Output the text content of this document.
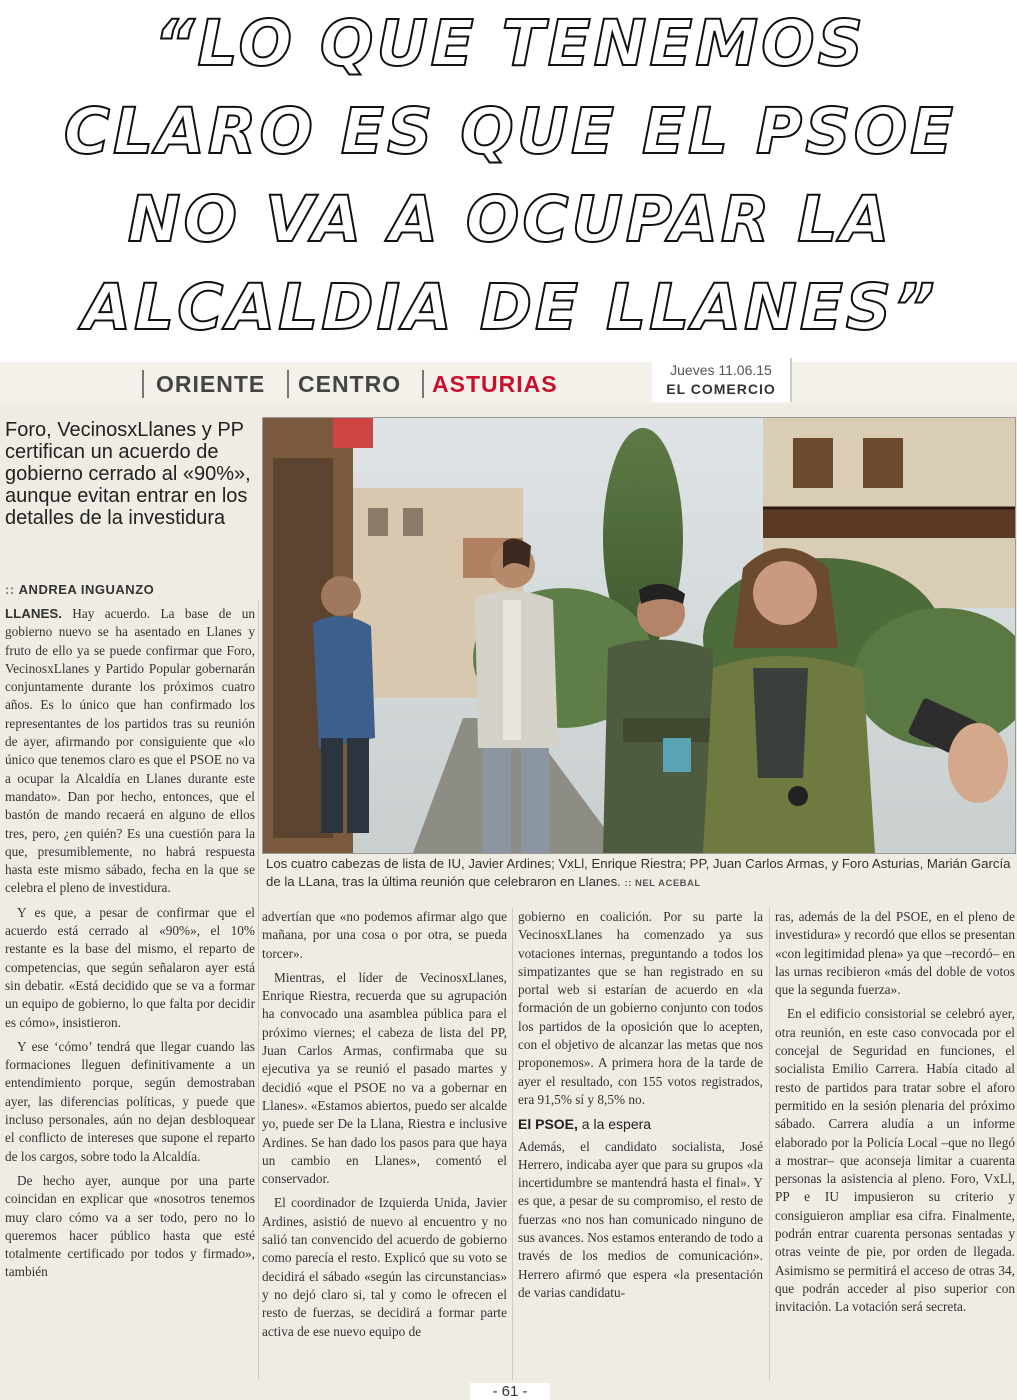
“LO QUE TENEMOS
CLARO ES QUE EL PSOE
NO VA A OCUPAR LA
ALCALDIA DE LLANES”
ORIENTE CENTRO ASTURIAS
Jueves 11.06.15
EL COMERCIO
Foro, VecinosxLlanes y PP certifican un acuerdo de gobierno cerrado al «90%», aunque evitan entrar en los detalles de la investidura
:: ANDREA INGUANZO
Los cuatro cabezas de lista de IU, Javier Ardines; VxLl, Enrique Riestra; PP, Juan Carlos Armas, y Foro Asturias, Marián García de la LLana, tras la última reunión que celebraron en Llanes. :: NEL ACEBAL

LLANES. Hay acuerdo. La base de un gobierno nuevo se ha asentado en Llanes y fruto de ello ya se puede confirmar que Foro, VecinosxLlanes y Partido Popular gobernarán conjuntamente durante los próximos cuatro años. Es lo único que han confirmado los representantes de los partidos tras su reunión de ayer, afirmando por consiguiente que «lo único que tenemos claro es que el PSOE no va a ocupar la Alcaldía en Llanes durante este mandato». Dan por hecho, entonces, que el bastón de mando recaerá en alguno de ellos tres, pero, ¿en quién? Es una cuestión para la que, presumiblemente, no habrá respuesta hasta este mismo sábado, fecha en la que se celebra el pleno de investidura.

Y es que, a pesar de confirmar que el acuerdo está cerrado al «90%», el 10% restante es la base del mismo, el reparto de competencias, que según señalaron ayer está sin debatir. «Está decidido que se va a formar un equipo de gobierno, lo que falta por decidir es cómo», insistieron.

Y ese ‘cómo’ tendrá que llegar cuando las formaciones lleguen definitivamente a un entendimiento porque, según demostraban ayer, las diferencias políticas, y puede que incluso personales, aún no dejan desbloquear el conflicto de intereses que supone el reparto de los cargos, sobre todo la Alcaldía.

De hecho ayer, aunque por una parte coincidan en explicar que «nosotros tenemos muy claro cómo va a ser todo, pero no lo queremos hacer público hasta que esté totalmente certificado por todos y firmado», también

advertían que «no podemos afirmar algo que mañana, por una cosa o por otra, se pueda torcer».

Mientras, el líder de VecinosxLlanes, Enrique Riestra, recuerda que su agrupación ha convocado una asamblea pública para el próximo viernes; el cabeza de lista del PP, Juan Carlos Armas, confirmaba que su ejecutiva ya se reunió el pasado martes y decidió «que el PSOE no va a gobernar en Llanes». «Estamos abiertos, puedo ser alcalde yo, puede ser De la Llana, Riestra e inclusive Ardines. Se han dado los pasos para que haya un cambio en Llanes», comentó el conservador.

El coordinador de Izquierda Unida, Javier Ardines, asistió de nuevo al encuentro y no salió tan convencido del acuerdo de gobierno como parecía el resto. Explicó que su voto se decidirá el sábado «según las circunstancias» y no dejó claro si, tal y como le ofrecen el resto de fuerzas, se decidirá a formar parte activa de ese nuevo equipo de

gobierno en coalición. Por su parte la VecinosxLlanes ha comenzado ya sus votaciones internas, preguntando a todos los simpatizantes que se han registrado en su portal web si estarían de acuerdo en «la formación de un gobierno conjunto con todos los partidos de la oposición que lo acepten, con el objetivo de alcanzar las metas que nos proponemos». A primera hora de la tarde de ayer el resultado, con 155 votos registrados, era 91,5% sí y 8,5% no.

El PSOE, a la espera

Además, el candidato socialista, José Herrero, indicaba ayer que para su grupos «la incertidumbre se mantendrá hasta el final». Y es que, a pesar de su compromiso, el resto de fuerzas «no nos han comunicado ninguno de sus avances. Nos estamos enterando de todo a través de los medios de comunicación». Herrero afirmó que espera «la presentación de varias candidatu-

ras, además de la del PSOE, en el pleno de investidura» y recordó que ellos se presentan «con legitimidad plena» ya que –recordó– en las urnas recibieron «más del doble de votos que la segunda fuerza».

En el edificio consistorial se celebró ayer, otra reunión, en este caso convocada por el concejal de Seguridad en funciones, el socialista Emilio Carrera. Había citado al resto de partidos para tratar sobre el aforo permitido en la sesión plenaria del próximo sábado. Carrera aludía a un informe elaborado por la Policía Local –que no llegó a mostrar– que aconseja limitar a cuarenta personas la asistencia al pleno. Foro, VxLl, PP e IU impusieron su criterio y consiguieron ampliar esa cifra. Finalmente, podrán entrar cuarenta personas sentadas y otras veinte de pie, por orden de llegada. Asimismo se permitirá el acceso de otras 34, que podrán acceder al piso superior con invitación. La votación será secreta.

- 61 -
